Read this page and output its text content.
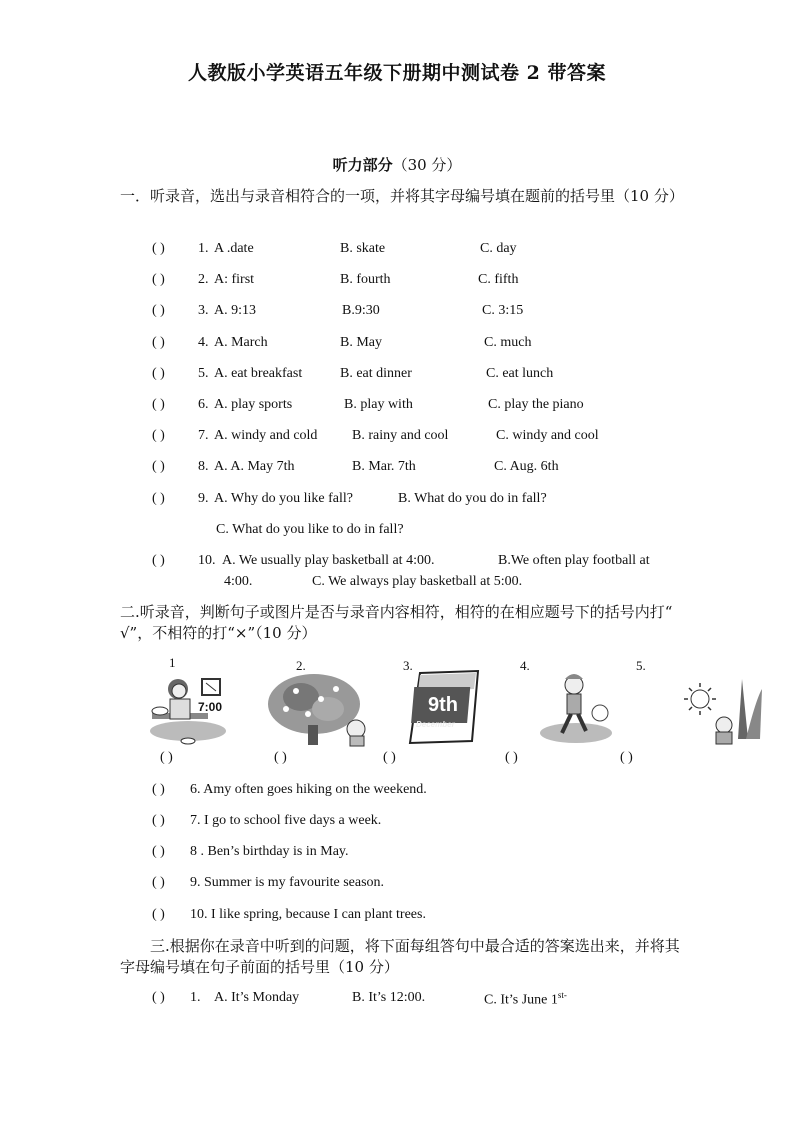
人教版小学英语五年级下册期中测试卷 2 带答案
听力部分（30 分）
一．听录音，选出与录音相符合的一项，并将其字母编号填在题前的括号里（10 分）
( ) 1. A .date	B. skate	C. day
( ) 2. A: first	B. fourth	C. fifth
( ) 3. A. 9:13	B.9:30	C. 3:15
( ) 4. A. March	B. May	C. much
( ) 5. A. eat breakfast	B. eat dinner	C. eat lunch
( ) 6. A. play sports	B. play with	C. play the piano
( ) 7. A. windy and cold B. rainy and cool	C. windy and cool
( ) 8. A. A. May 7th	B. Mar. 7th	C. Aug. 6th
( ) 9. A. Why do you like fall?	B. What do you do in fall?
C. What do you like to do in fall?
( ) 10. A. We usually play basketball at 4:00.	B.We often play football at
4:00.	C. We always play basketball at 5:00.
二.听录音，判断句子或图片是否与录音内容相符，相符的在相应题号下的括号内打“ √”，不相符的打“×”（10 分）
1	2.	3.	4.	5.
7:00	9th
December
( )	( )	( )	( )	( )
( ) 6. Amy often goes hiking on the weekend.
( ) 7. I go to school five days a week.
( ) 8 . Ben’s birthday is in May.
( ) 9. Summer is my favourite season.
( ) 10. I like spring, because I can plant trees.
三.根据你在录音中听到的问题，将下面每组答句中最合适的答案选出来，并将其字母编号填在句子前面的括号里（10 分）
( ) 1. A. It’s Monday	B. It’s 12:00.	C. It’s June $1^{st-}$
